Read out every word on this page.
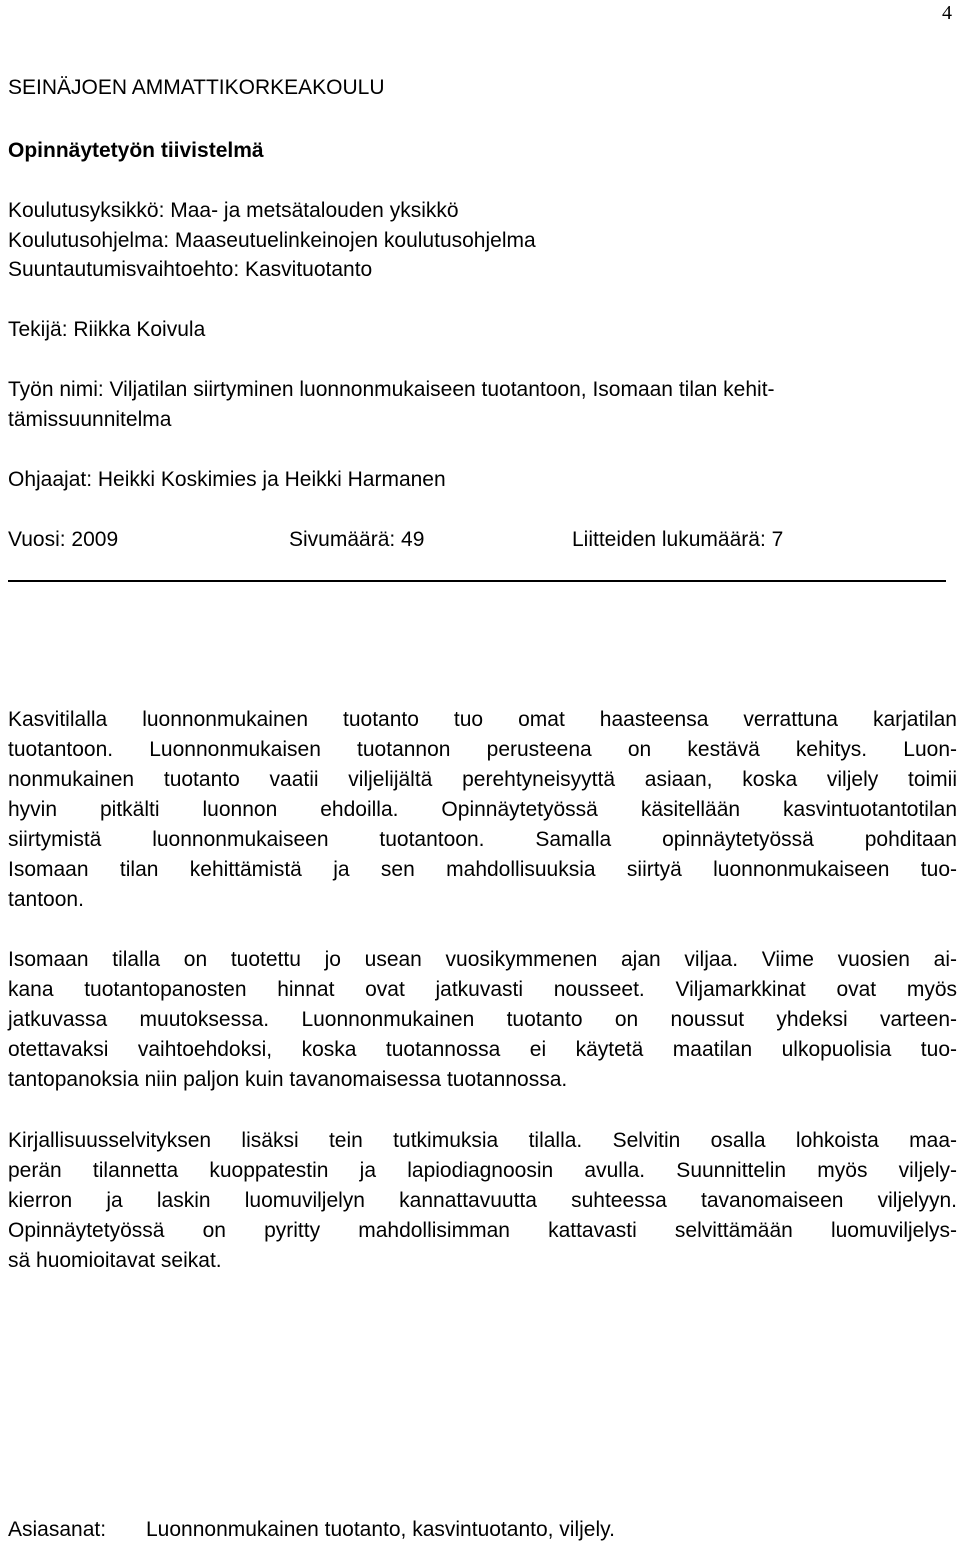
4
SEINÄJOEN AMMATTIKORKEAKOULU
Opinnäytetyön tiivistelmä
Koulutusyksikkö: Maa- ja metsätalouden yksikkö
Koulutusohjelma: Maaseutuelinkeinojen koulutusohjelma
Suuntautumisvaihtoehto: Kasvituotanto
Tekijä: Riikka Koivula
Työn nimi: Viljatilan siirtyminen luonnonmukaiseen tuotantoon, Isomaan tilan kehit-
tämissuunnitelma
Ohjaajat: Heikki Koskimies ja Heikki Harmanen
Vuosi: 2009	Sivumäärä: 49	Liitteiden lukumäärä: 7
Kasvitilalla luonnonmukainen tuotanto tuo omat haasteensa verrattuna karjatilan
tuotantoon. Luonnonmukaisen tuotannon perusteena on kestävä kehitys. Luon-
nonmukainen tuotanto vaatii viljelijältä perehtyneisyyttä asiaan, koska viljely toimii
hyvin pitkälti luonnon ehdoilla. Opinnäytetyössä käsitellään kasvintuotantotilan
siirtymistä luonnonmukaiseen tuotantoon. Samalla opinnäytetyössä pohditaan
Isomaan tilan kehittämistä ja sen mahdollisuuksia siirtyä luonnonmukaiseen tuo-
tantoon.
Isomaan tilalla on tuotettu jo usean vuosikymmenen ajan viljaa. Viime vuosien ai-
kana tuotantopanosten hinnat ovat jatkuvasti nousseet. Viljamarkkinat ovat myös
jatkuvassa muutoksessa. Luonnonmukainen tuotanto on noussut yhdeksi varteen-
otettavaksi vaihtoehdoksi, koska tuotannossa ei käytetä maatilan ulkopuolisia tuo-
tantopanoksia niin paljon kuin tavanomaisessa tuotannossa.
Kirjallisuusselvityksen lisäksi tein tutkimuksia tilalla. Selvitin osalla lohkoista maa-
perän tilannetta kuoppatestin ja lapiodiagnoosin avulla. Suunnittelin myös viljely-
kierron ja laskin luomuviljelyn kannattavuutta suhteessa tavanomaiseen viljelyyn.
Opinnäytetyössä on pyritty mahdollisimman kattavasti selvittämään luomuviljelys-
sä huomioitavat seikat.
Asiasanat: Luonnonmukainen tuotanto, kasvintuotanto, viljely.
